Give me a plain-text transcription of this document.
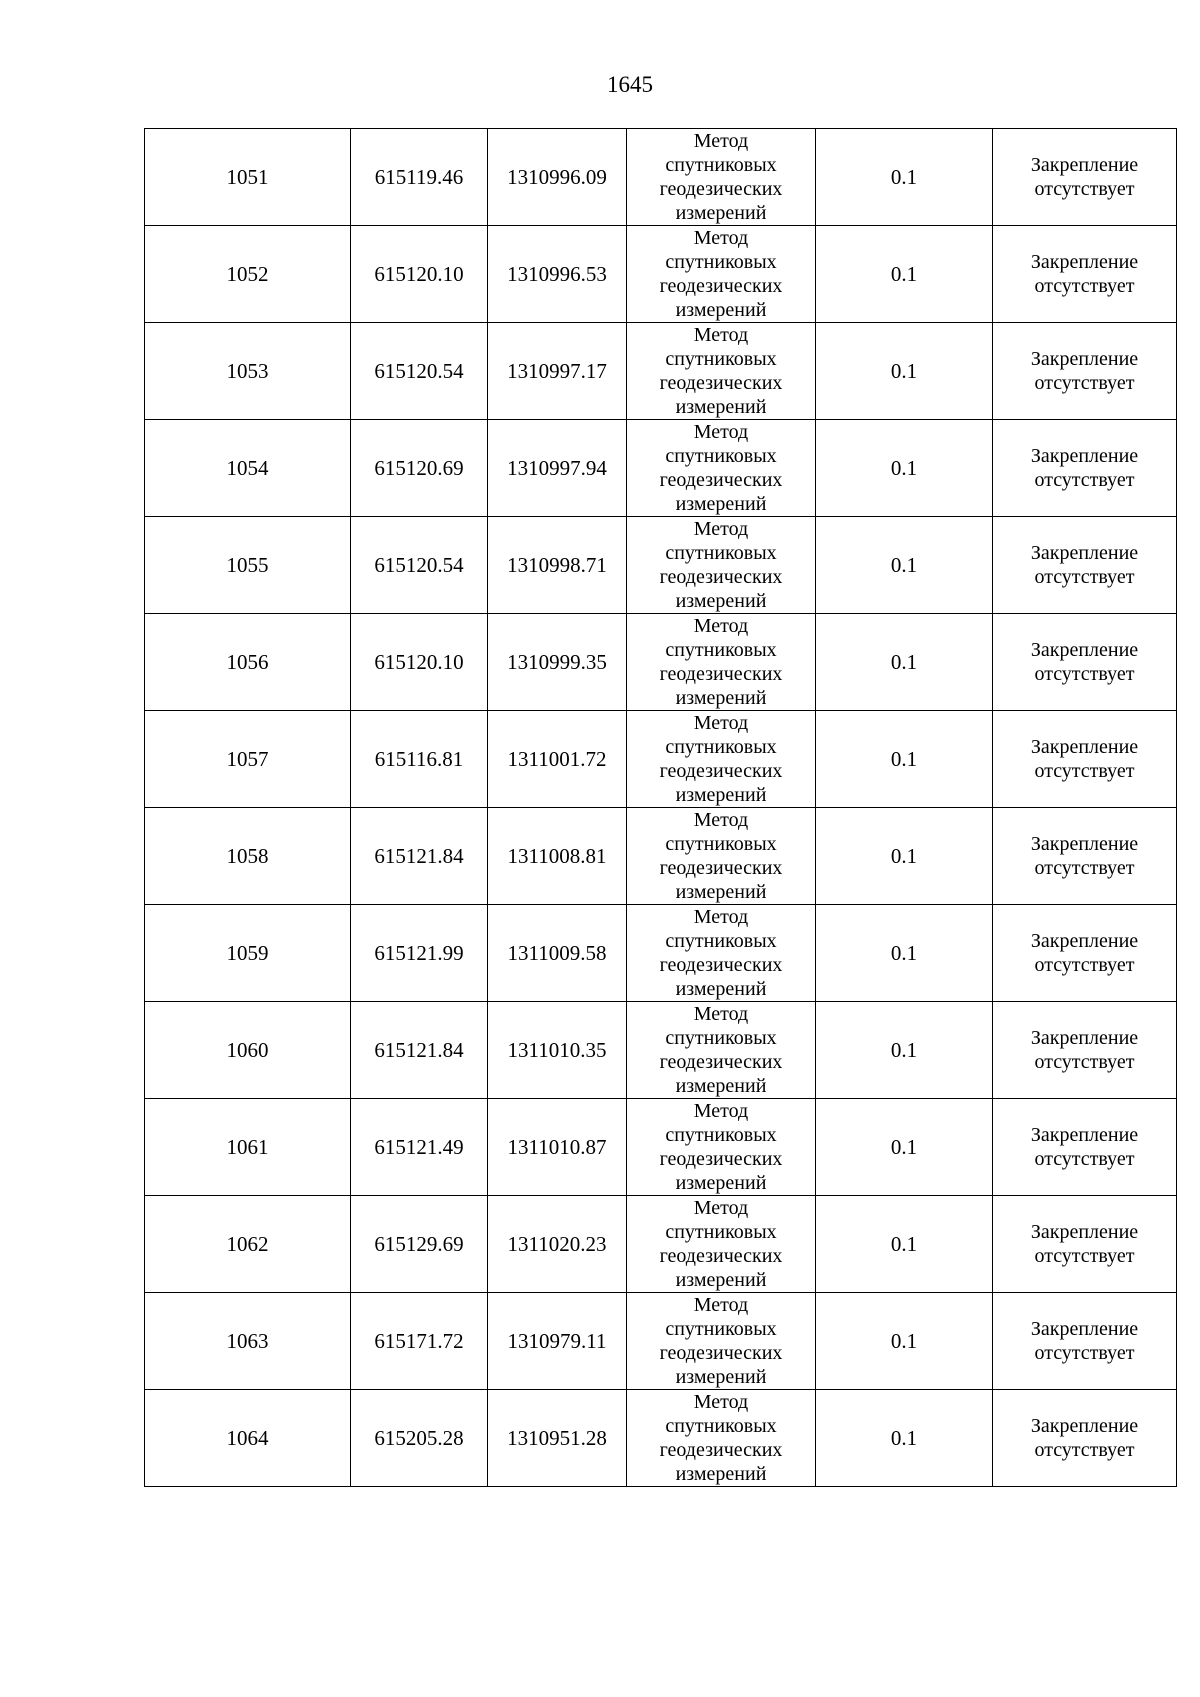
1645
1051	615119.46	1310996.09	Метод
спутниковых
геодезических
измерений	0.1	Закрепление
отсутствует

1052	615120.10	1310996.53	Метод
спутниковых
геодезических
измерений	0.1	Закрепление
отсутствует

1053	615120.54	1310997.17	Метод
спутниковых
геодезических
измерений	0.1	Закрепление
отсутствует

1054	615120.69	1310997.94	Метод
спутниковых
геодезических
измерений	0.1	Закрепление
отсутствует

1055	615120.54	1310998.71	Метод
спутниковых
геодезических
измерений	0.1	Закрепление
отсутствует

1056	615120.10	1310999.35	Метод
спутниковых
геодезических
измерений	0.1	Закрепление
отсутствует

1057	615116.81	1311001.72	Метод
спутниковых
геодезических
измерений	0.1	Закрепление
отсутствует

1058	615121.84	1311008.81	Метод
спутниковых
геодезических
измерений	0.1	Закрепление
отсутствует

1059	615121.99	1311009.58	Метод
спутниковых
геодезических
измерений	0.1	Закрепление
отсутствует

1060	615121.84	1311010.35	Метод
спутниковых
геодезических
измерений	0.1	Закрепление
отсутствует

1061	615121.49	1311010.87	Метод
спутниковых
геодезических
измерений	0.1	Закрепление
отсутствует

1062	615129.69	1311020.23	Метод
спутниковых
геодезических
измерений	0.1	Закрепление
отсутствует

1063	615171.72	1310979.11	Метод
спутниковых
геодезических
измерений	0.1	Закрепление
отсутствует

1064	615205.28	1310951.28	Метод
спутниковых
геодезических
измерений	0.1	Закрепление
отсутствует
